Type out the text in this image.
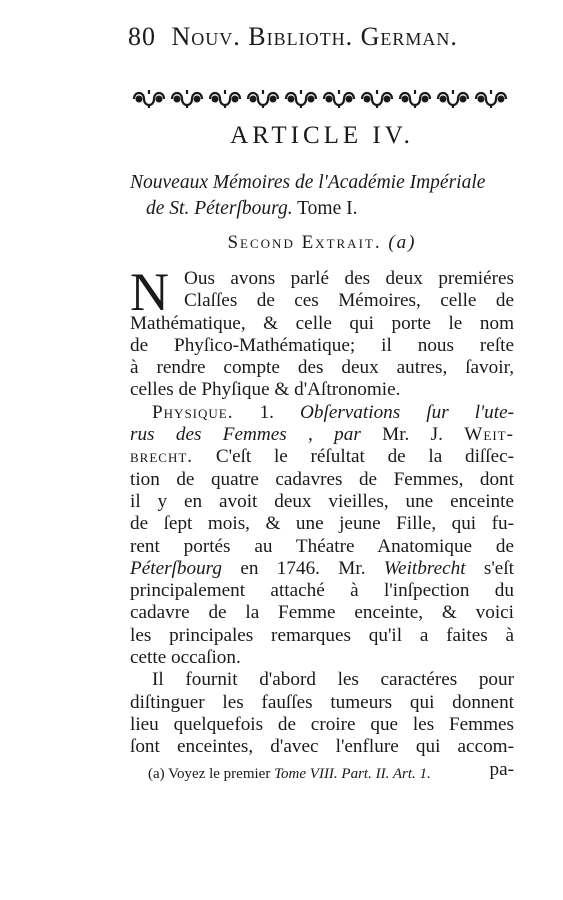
80 Nouv. Biblioth. German.
ARTICLE IV.
Nouveaux Mémoires de l'Académie Impériale
de St. Péterſbourg. Tome I.
Second Extrait. (a)
N Ous avons parlé des deux premiéres
Claſſes de ces Mémoires, celle de
Mathématique, & celle qui porte le nom
de Phyſico-Mathématique; il nous reſte
à rendre compte des deux autres, ſavoir,
celles de Phyſique & d'Aſtronomie.
Physique. 1. Obſervations ſur l'ute-
rus des Femmes , par Mr. J. Weit-
brecht. C'eſt le réſultat de la diſſec-
tion de quatre cadavres de Femmes, dont
il y en avoit deux vieilles, une enceinte
de ſept mois, & une jeune Fille, qui fu-
rent portés au Théatre Anatomique de
Péterſbourg en 1746. Mr. Weitbrecht s'eſt
principalement attaché à l'inſpection du
cadavre de la Femme enceinte, & voici
les principales remarques qu'il a faites à
cette occaſion.
Il fournit d'abord les caractéres pour
diſtinguer les fauſſes tumeurs qui donnent
lieu quelquefois de croire que les Femmes
ſont enceintes, d'avec l'enflure qui accom-
pa-
(a) Voyez le premier Tome VIII. Part. II. Art. 1.
